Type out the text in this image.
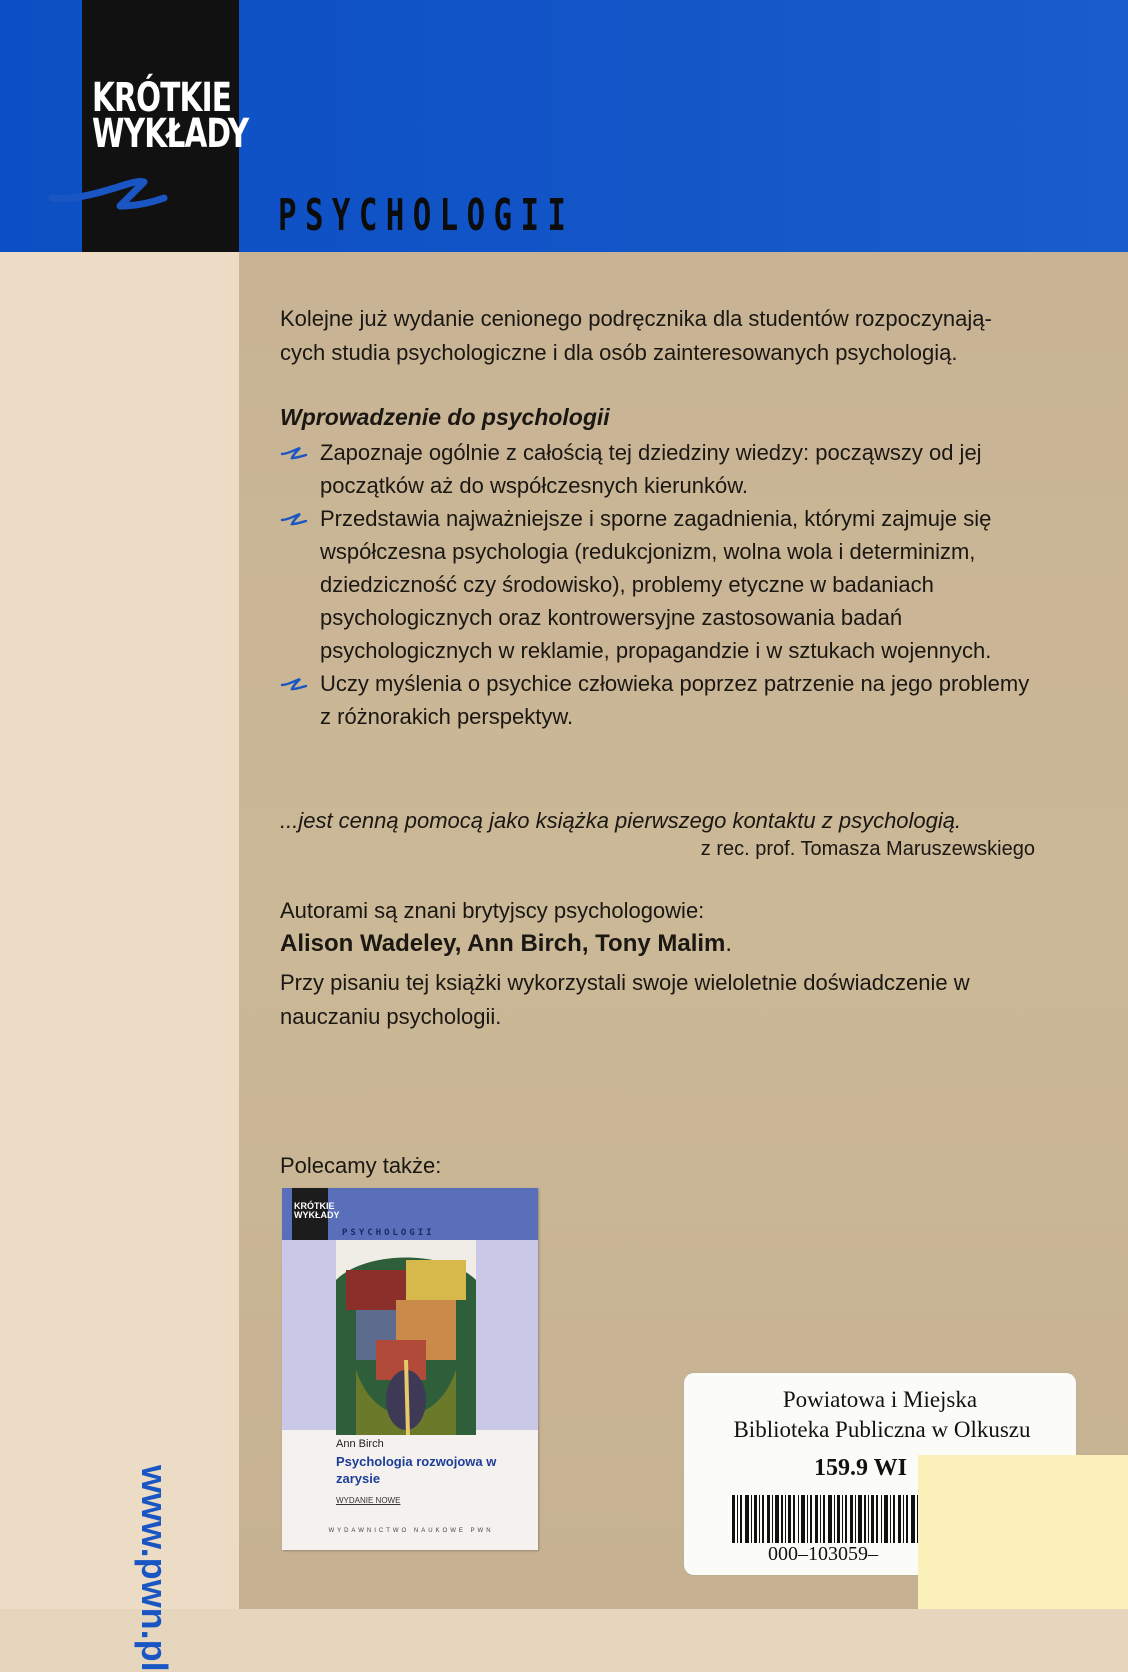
KRÓTKIE
WYKŁADY
PSYCHOLOGII
Kolejne już wydanie cenionego podręcznika dla studentów rozpoczynają-
cych studia psychologiczne i dla osób zainteresowanych psychologią.
Wprowadzenie do psychologii
Zapoznaje ogólnie z całością tej dziedziny wiedzy: począwszy od jej początków aż do współczesnych kierunków.
Przedstawia najważniejsze i sporne zagadnienia, którymi zajmuje się współczesna psychologia (redukcjonizm, wolna wola i determinizm, dziedziczność czy środowisko), problemy etyczne w badaniach psychologicznych oraz kontrowersyjne zastosowania badań psychologicznych w reklamie, propagandzie i w sztukach wojennych.
Uczy myślenia o psychice człowieka poprzez patrzenie na jego problemy z różnorakich perspektyw.
...jest cenną pomocą jako książka pierwszego kontaktu z psychologią.
z rec. prof. Tomasza Maruszewskiego
Autorami są znani brytyjscy psychologowie:
Alison Wadeley, Ann Birch, Tony Malim.
Przy pisaniu tej książki wykorzystali swoje wieloletnie doświadczenie w nauczaniu psychologii.
Polecamy także:
KRÓTKIE
WYKŁADY
PSYCHOLOGII
Ann Birch
Psychologia rozwojowa w zarysie
WYDANIE NOWE
WYDAWNICTWO NAUKOWE PWN
www.pwn.pl
Powiatowa i Miejska
Biblioteka Publiczna w Olkuszu
159.9 WI
000–103059–
